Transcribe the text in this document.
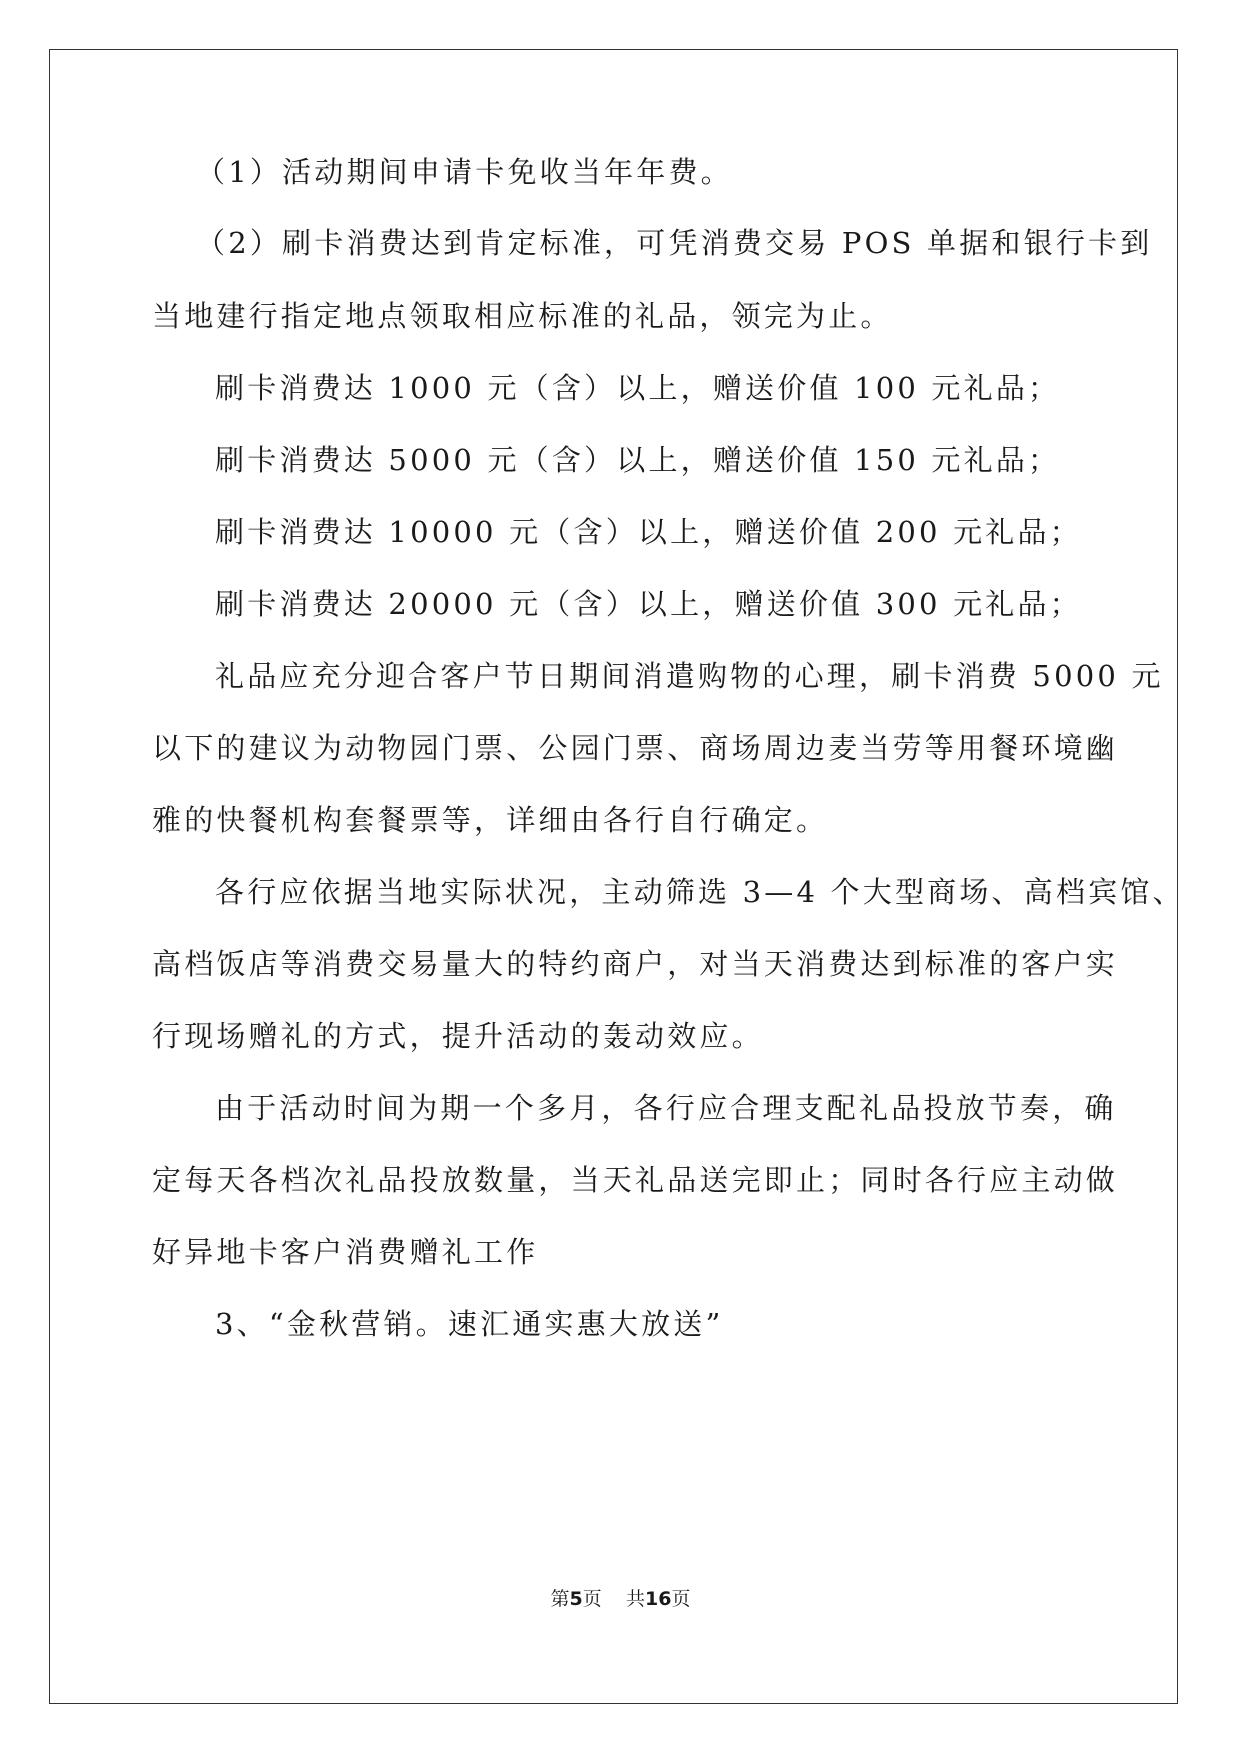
（1）活动期间申请卡免收当年年费。
（2）刷卡消费达到肯定标准，可凭消费交易 POS 单据和银行卡到
当地建行指定地点领取相应标准的礼品，领完为止。
刷卡消费达 1000 元（含）以上，赠送价值 100 元礼品；
刷卡消费达 5000 元（含）以上，赠送价值 150 元礼品；
刷卡消费达 10000 元（含）以上，赠送价值 200 元礼品；
刷卡消费达 20000 元（含）以上，赠送价值 300 元礼品；
礼品应充分迎合客户节日期间消遣购物的心理，刷卡消费 5000 元
以下的建议为动物园门票、公园门票、商场周边麦当劳等用餐环境幽
雅的快餐机构套餐票等，详细由各行自行确定。
各行应依据当地实际状况，主动筛选 3—4 个大型商场、高档宾馆、
高档饭店等消费交易量大的特约商户，对当天消费达到标准的客户实
行现场赠礼的方式，提升活动的轰动效应。
由于活动时间为期一个多月，各行应合理支配礼品投放节奏，确
定每天各档次礼品投放数量，当天礼品送完即止；同时各行应主动做
好异地卡客户消费赠礼工作
3、“金秋营销。速汇通实惠大放送”
第5页 共16页
